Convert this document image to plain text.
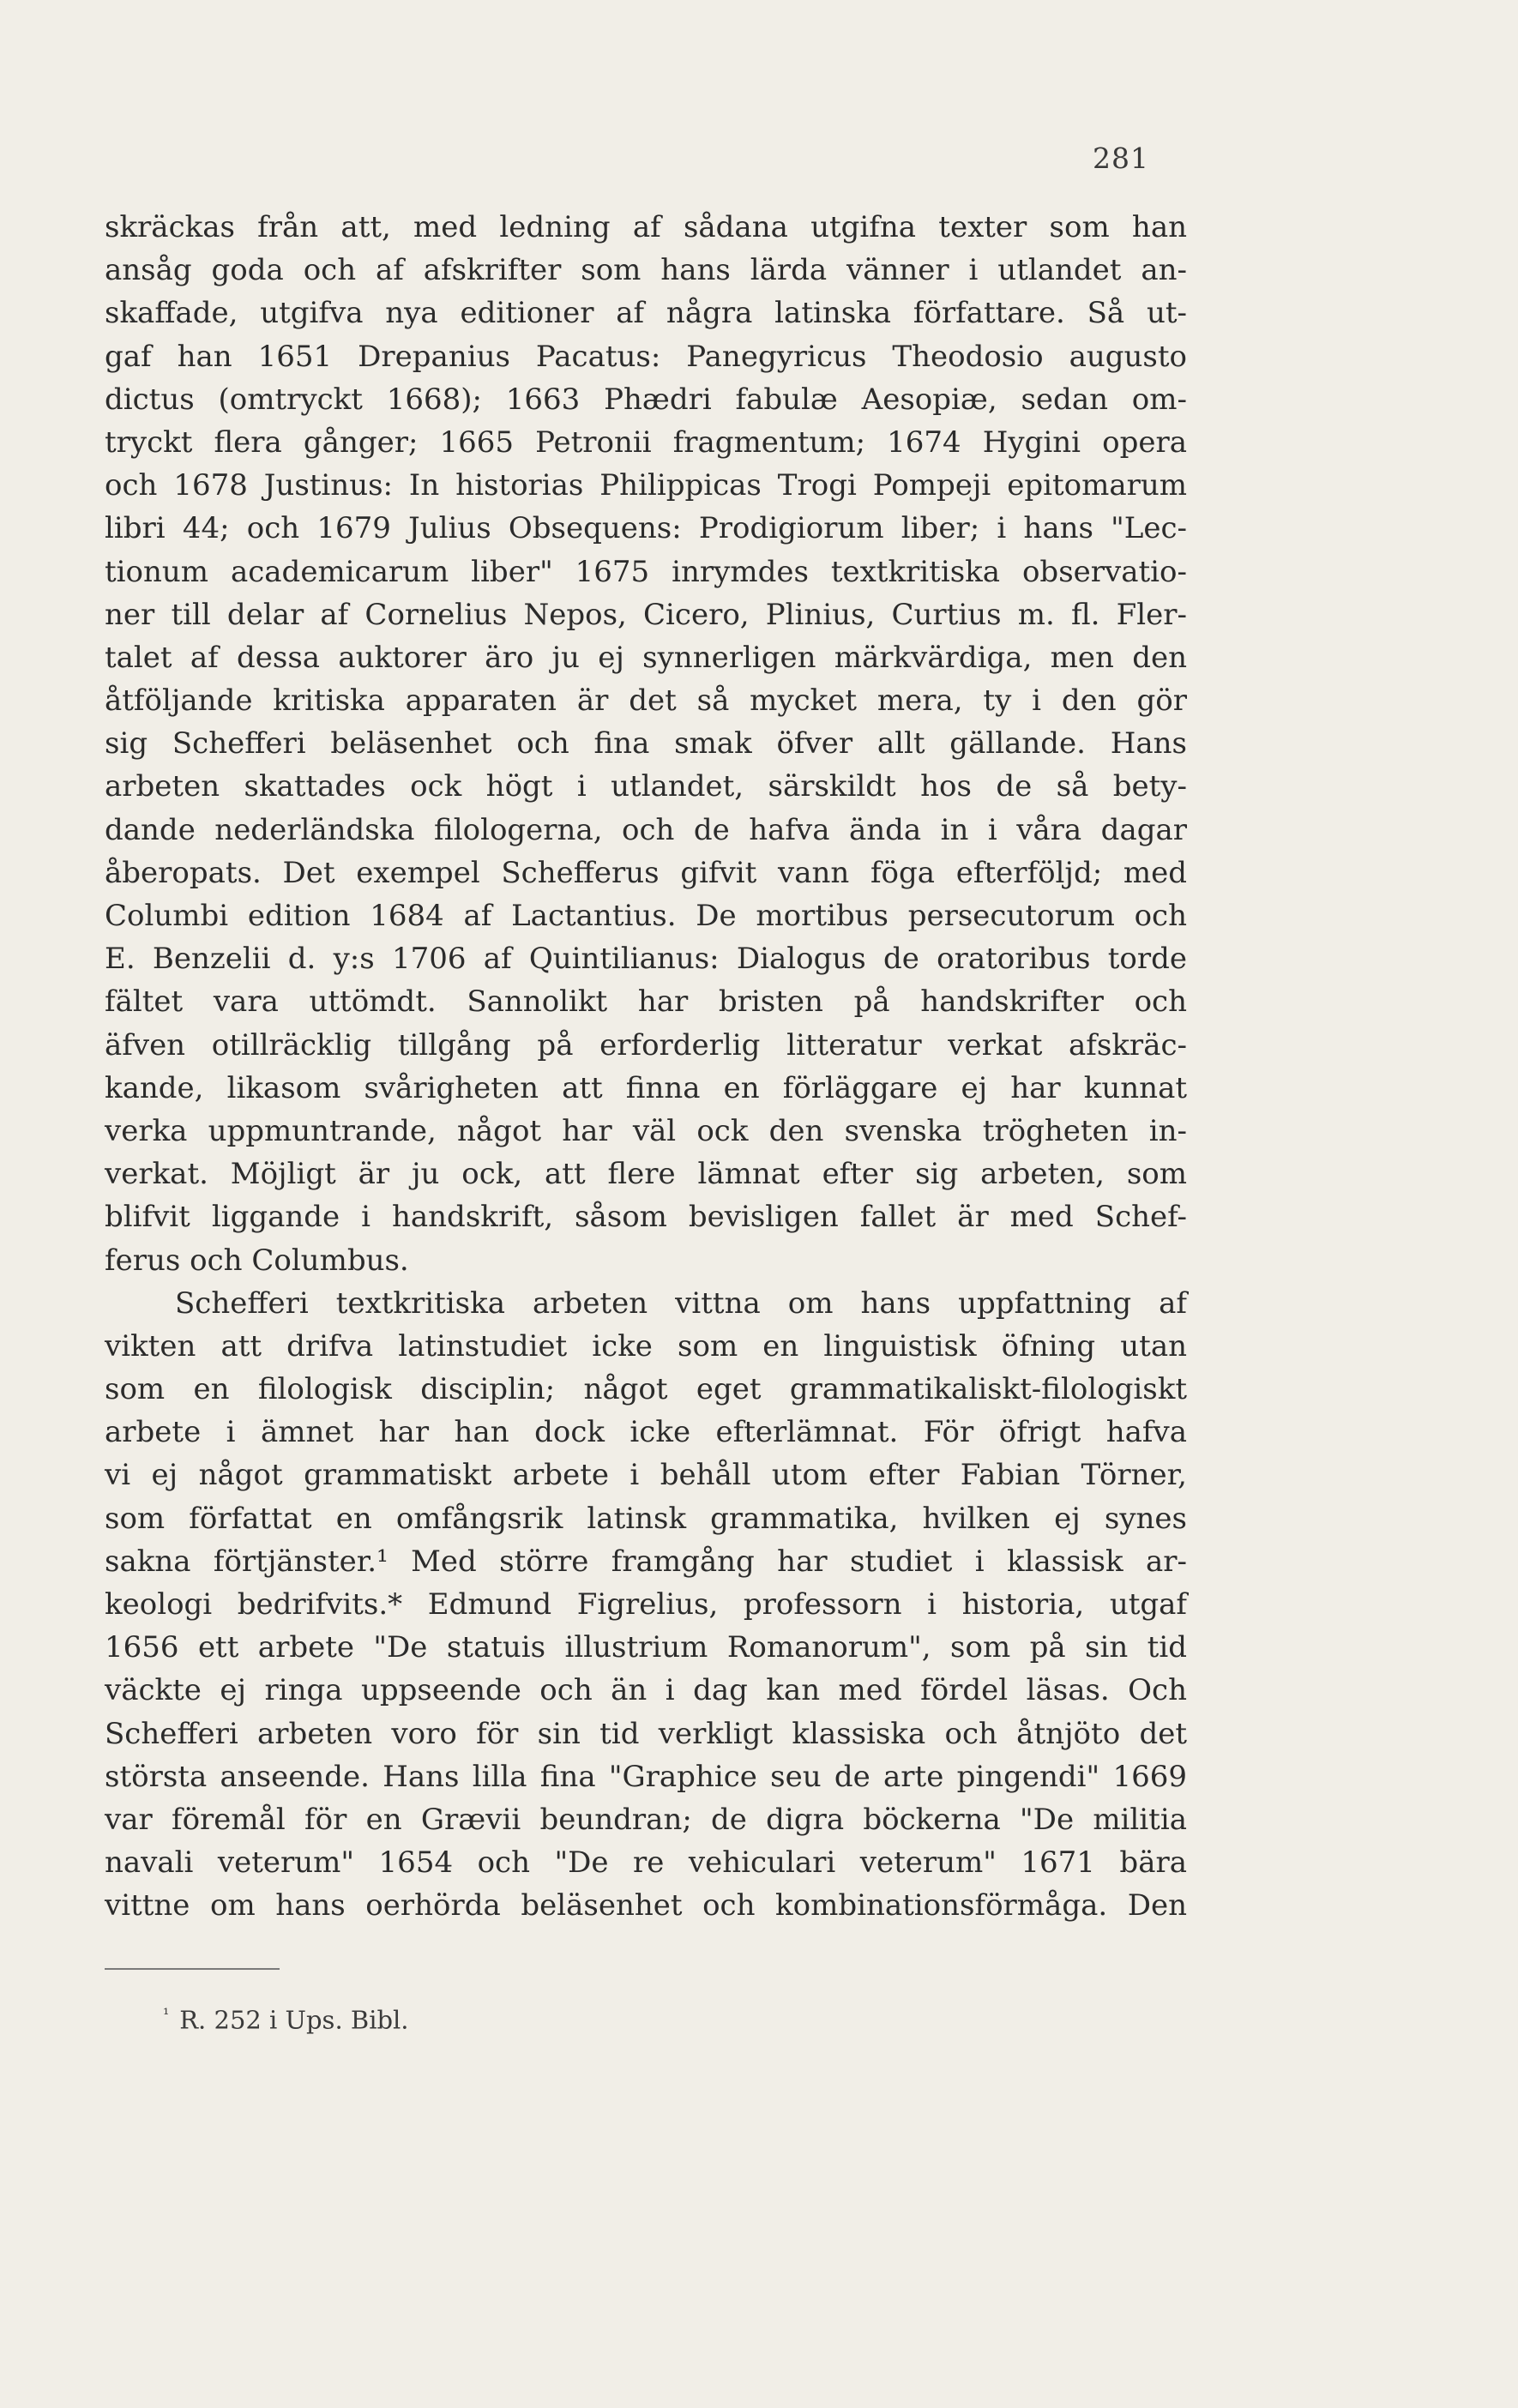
281
skräckas från att, med ledning af sådana utgifna texter som han
ansåg goda och af afskrifter som hans lärda vänner i utlandet an-
skaffade, utgifva nya editioner af några latinska författare. Så ut-
gaf han 1651 Drepanius Pacatus: Panegyricus Theodosio augusto
dictus (omtryckt 1668); 1663 Phædri fabulæ Aesopiæ, sedan om-
tryckt flera gånger; 1665 Petronii fragmentum; 1674 Hygini opera
och 1678 Justinus: In historias Philippicas Trogi Pompeji epitomarum
libri 44; och 1679 Julius Obsequens: Prodigiorum liber; i hans "Lec-
tionum academicarum liber" 1675 inrymdes textkritiska observatio-
ner till delar af Cornelius Nepos, Cicero, Plinius, Curtius m. fl. Fler-
talet af dessa auktorer äro ju ej synnerligen märkvärdiga, men den
åtföljande kritiska apparaten är det så mycket mera, ty i den gör
sig Schefferi beläsenhet och fina smak öfver allt gällande. Hans
arbeten skattades ock högt i utlandet, särskildt hos de så bety-
dande nederländska filologerna, och de hafva ända in i våra dagar
åberopats. Det exempel Schefferus gifvit vann föga efterföljd; med
Columbi edition 1684 af Lactantius. De mortibus persecutorum och
E. Benzelii d. y:s 1706 af Quintilianus: Dialogus de oratoribus torde
fältet vara uttömdt. Sannolikt har bristen på handskrifter och
äfven otillräcklig tillgång på erforderlig litteratur verkat afskräc-
kande, likasom svårigheten att finna en förläggare ej har kunnat
verka uppmuntrande, något har väl ock den svenska trögheten in-
verkat. Möjligt är ju ock, att flere lämnat efter sig arbeten, som
blifvit liggande i handskrift, såsom bevisligen fallet är med Schef-
ferus och Columbus.
Schefferi textkritiska arbeten vittna om hans uppfattning af
vikten att drifva latinstudiet icke som en linguistisk öfning utan
som en filologisk disciplin; något eget grammatikaliskt-filologiskt
arbete i ämnet har han dock icke efterlämnat. För öfrigt hafva
vi ej något grammatiskt arbete i behåll utom efter Fabian Törner,
som författat en omfångsrik latinsk grammatika, hvilken ej synes
sakna förtjänster.¹ Med större framgång har studiet i klassisk ar-
keologi bedrifvits.* Edmund Figrelius, professorn i historia, utgaf
1656 ett arbete "De statuis illustrium Romanorum", som på sin tid
väckte ej ringa uppseende och än i dag kan med fördel läsas. Och
Schefferi arbeten voro för sin tid verkligt klassiska och åtnjöto det
största anseende. Hans lilla fina "Graphice seu de arte pingendi" 1669
var föremål för en Grævii beundran; de digra böckerna "De militia
navali veterum" 1654 och "De re vehiculari veterum" 1671 bära
vittne om hans oerhörda beläsenhet och kombinationsförmåga. Den
$^{^1}$ R. 252 i Ups. Bibl.
